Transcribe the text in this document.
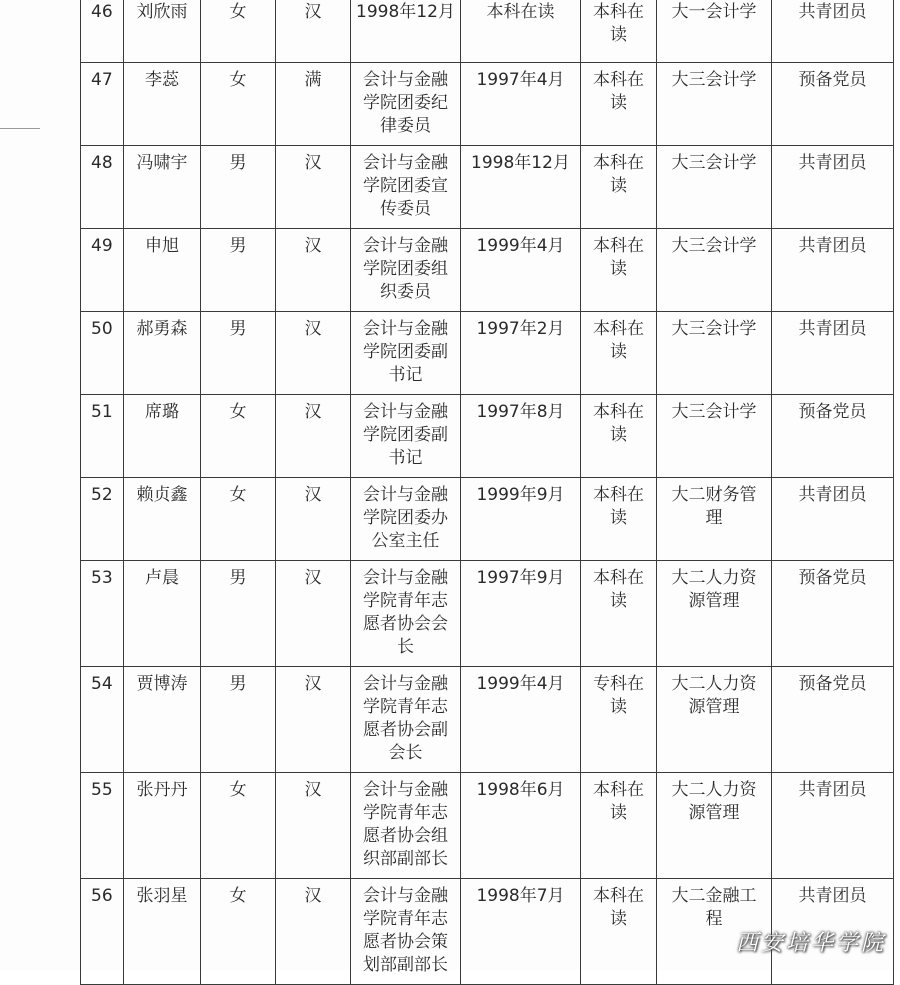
46	刘欣雨	女	汉	1998年12月	本科在读	本科在读	大一会计学	共青团员
47	李蕊	女	满	会计与金融学院团委纪律委员	1997年4月	本科在读	大三会计学	预备党员
48	冯啸宇	男	汉	会计与金融学院团委宣传委员	1998年12月	本科在读	大三会计学	共青团员
49	申旭	男	汉	会计与金融学院团委组织委员	1999年4月	本科在读	大三会计学	共青团员
50	郝勇森	男	汉	会计与金融学院团委副书记	1997年2月	本科在读	大三会计学	共青团员
51	席璐	女	汉	会计与金融学院团委副书记	1997年8月	本科在读	大三会计学	预备党员
52	赖贞鑫	女	汉	会计与金融学院团委办公室主任	1999年9月	本科在读	大二财务管理	共青团员
53	卢晨	男	汉	会计与金融学院青年志愿者协会会长	1997年9月	本科在读	大二人力资源管理	预备党员
54	贾博涛	男	汉	会计与金融学院青年志愿者协会副会长	1999年4月	专科在读	大二人力资源管理	预备党员
55	张丹丹	女	汉	会计与金融学院青年志愿者协会组织部副部长	1998年6月	本科在读	大二人力资源管理	共青团员
56	张羽星	女	汉	会计与金融学院青年志愿者协会策划部副部长	1998年7月	本科在读	大二金融工程	共青团员
西安培华学院
